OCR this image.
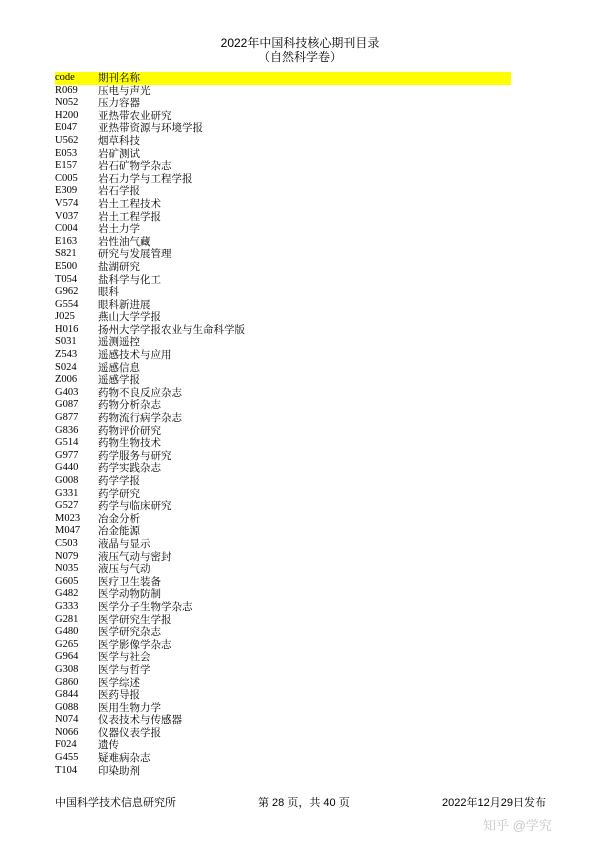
2022年中国科技核心期刊目录
（自然科学卷）
code	期刊名称
R069	压电与声光
N052	压力容器
H200	亚热带农业研究
E047	亚热带资源与环境学报
U562	烟草科技
E053	岩矿测试
E157	岩石矿物学杂志
C005	岩石力学与工程学报
E309	岩石学报
V574	岩土工程技术
V037	岩土工程学报
C004	岩土力学
E163	岩性油气藏
S821	研究与发展管理
E500	盐湖研究
T054	盐科学与化工
G962	眼科
G554	眼科新进展
J025	燕山大学学报
H016	扬州大学学报农业与生命科学版
S031	遥测遥控
Z543	遥感技术与应用
S024	遥感信息
Z006	遥感学报
G403	药物不良反应杂志
G087	药物分析杂志
G877	药物流行病学杂志
G836	药物评价研究
G514	药物生物技术
G977	药学服务与研究
G440	药学实践杂志
G008	药学学报
G331	药学研究
G527	药学与临床研究
M023	冶金分析
M047	冶金能源
C503	液晶与显示
N079	液压气动与密封
N035	液压与气动
G605	医疗卫生装备
G482	医学动物防制
G333	医学分子生物学杂志
G281	医学研究生学报
G480	医学研究杂志
G265	医学影像学杂志
G964	医学与社会
G308	医学与哲学
G860	医学综述
G844	医药导报
G088	医用生物力学
N074	仪表技术与传感器
N066	仪器仪表学报
F024	遗传
G455	疑难病杂志
T104	印染助剂
中国科学技术信息研究所	第 28 页，共 40 页	2022年12月29日发布
知乎 @学究
